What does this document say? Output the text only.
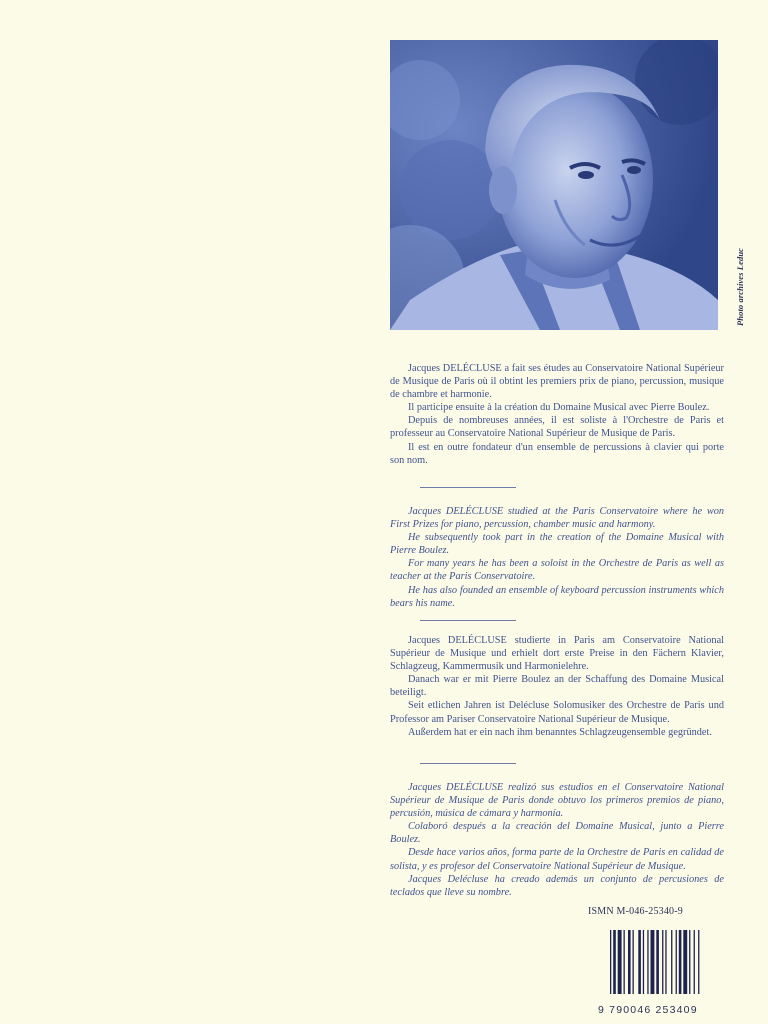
Photo archives Leduc

Jacques DELÉCLUSE a fait ses études au Conservatoire National Supérieur de Musique de Paris où il obtint les premiers prix de piano, percussion, musique de chambre et harmonie.

Il participe ensuite à la création du Domaine Musical avec Pierre Boulez.

Depuis de nombreuses années, il est soliste à l'Orchestre de Paris et professeur au Conservatoire National Supérieur de Musique de Paris.

Il est en outre fondateur d'un ensemble de percussions à clavier qui porte son nom.

Jacques DELÉCLUSE studied at the Paris Conservatoire where he won First Prizes for piano, percussion, chamber music and harmony.

He subsequently took part in the creation of the Domaine Musical with Pierre Boulez.

For many years he has been a soloist in the Orchestre de Paris as well as teacher at the Paris Conservatoire.

He has also founded an ensemble of keyboard percussion instruments which bears his name.

Jacques DELÉCLUSE studierte in Paris am Conservatoire National Supérieur de Musique und erhielt dort erste Preise in den Fächern Klavier, Schlagzeug, Kammermusik und Harmonielehre.

Danach war er mit Pierre Boulez an der Schaffung des Domaine Musical beteiligt.

Seit etlichen Jahren ist Delécluse Solomusiker des Orchestre de Paris und Professor am Pariser Conservatoire National Supérieur de Musique.

Außerdem hat er ein nach ihm benanntes Schlagzeugensemble gegründet.

Jacques DELÉCLUSE realizó sus estudios en el Conservatoire National Supérieur de Musique de Paris donde obtuvo los primeros premios de piano, percusión, música de cámara y harmonía.

Colaboró después a la creación del Domaine Musical, junto a Pierre Boulez.

Desde hace varios años, forma parte de la Orchestre de Paris en calidad de solista, y es profesor del Conservatoire National Supérieur de Musique.

Jacques Delécluse ha creado además un conjunto de percusiones de teclados que lleve su nombre.

ISMN M-046-25340-9
9 790046 253409
